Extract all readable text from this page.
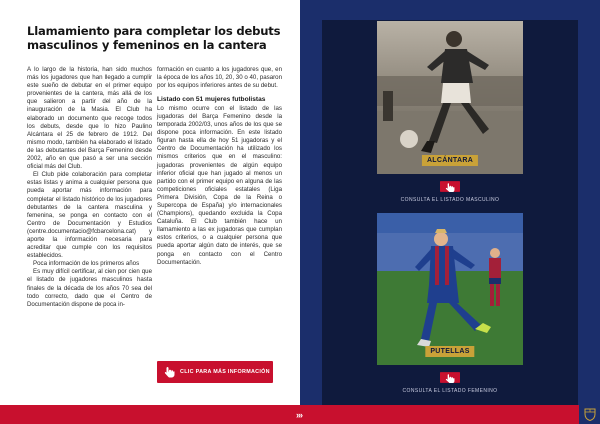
Llamamiento para completar los debuts masculinos y femeninos en la cantera

A lo largo de la historia, han sido muchos más los jugadores que han llegado a cumplir este sueño de debutar en el primer equipo provenientes de la cantera, más allá de los que salieron a partir del año de la inauguración de la Masia. El Club ha elaborado un documento que recoge todos los debuts, desde que lo hizo Paulino Alcántara el 25 de febrero de 1912. Del mismo modo, también ha elaborado el listado de las debutantes del Barça Femenino desde 2002, año en que pasó a ser una sección oficial más del Club.

El Club pide colaboración para completar estas listas y anima a cualquier persona que pueda aportar más información para completar el listado histórico de los jugadores debutantes de la cantera masculina y femenina, se ponga en contacto con el Centro de Documentación y Estudios (centre.documentacio@fcbarcelona.cat) y aporte la información necesaria para acreditar que cumple con los requisitos establecidos.

Poca información de los primeros años

Es muy difícil certificar, al cien por cien que el listado de jugadores masculinos hasta finales de la década de los años 70 sea del todo correcto, dado que el Centro de Documentación dispone de poca in-

formación en cuanto a los jugadores que, en la época de los años 10, 20, 30 o 40, pasaron por los equipos inferiores antes de su debut.

Listado con 51 mujeres futbolistas

Lo mismo ocurre con el listado de las jugadoras del Barça Femenino desde la temporada 2002/03, unos años de los que se dispone poca información. En este listado figuran hasta ella de hoy 51 jugadoras y el Centro de Documentación ha utilizado los mismos criterios que en el masculino: jugadoras provenientes de algún equipo inferior oficial que han jugado al menos un partido con el primer equipo en alguna de las competiciones oficiales estatales (Liga Primera División, Copa de la Reina o Supercopa de España) y/o internacionales (Champions), quedando excluida la Copa Cataluña. El Club también hace un llamamiento a las ex jugadoras que cumplan estos criterios, o a cualquier persona que pueda aportar algún dato de interés, que se ponga en contacto con el Centro Documentación.

CLIC PARA MÁS INFORMACIÓN
ALCÁNTARA
CONSULTA EL LISTADO MASCULINO
PUTELLAS
CONSULTA EL LISTADO FEMENINO
›››
